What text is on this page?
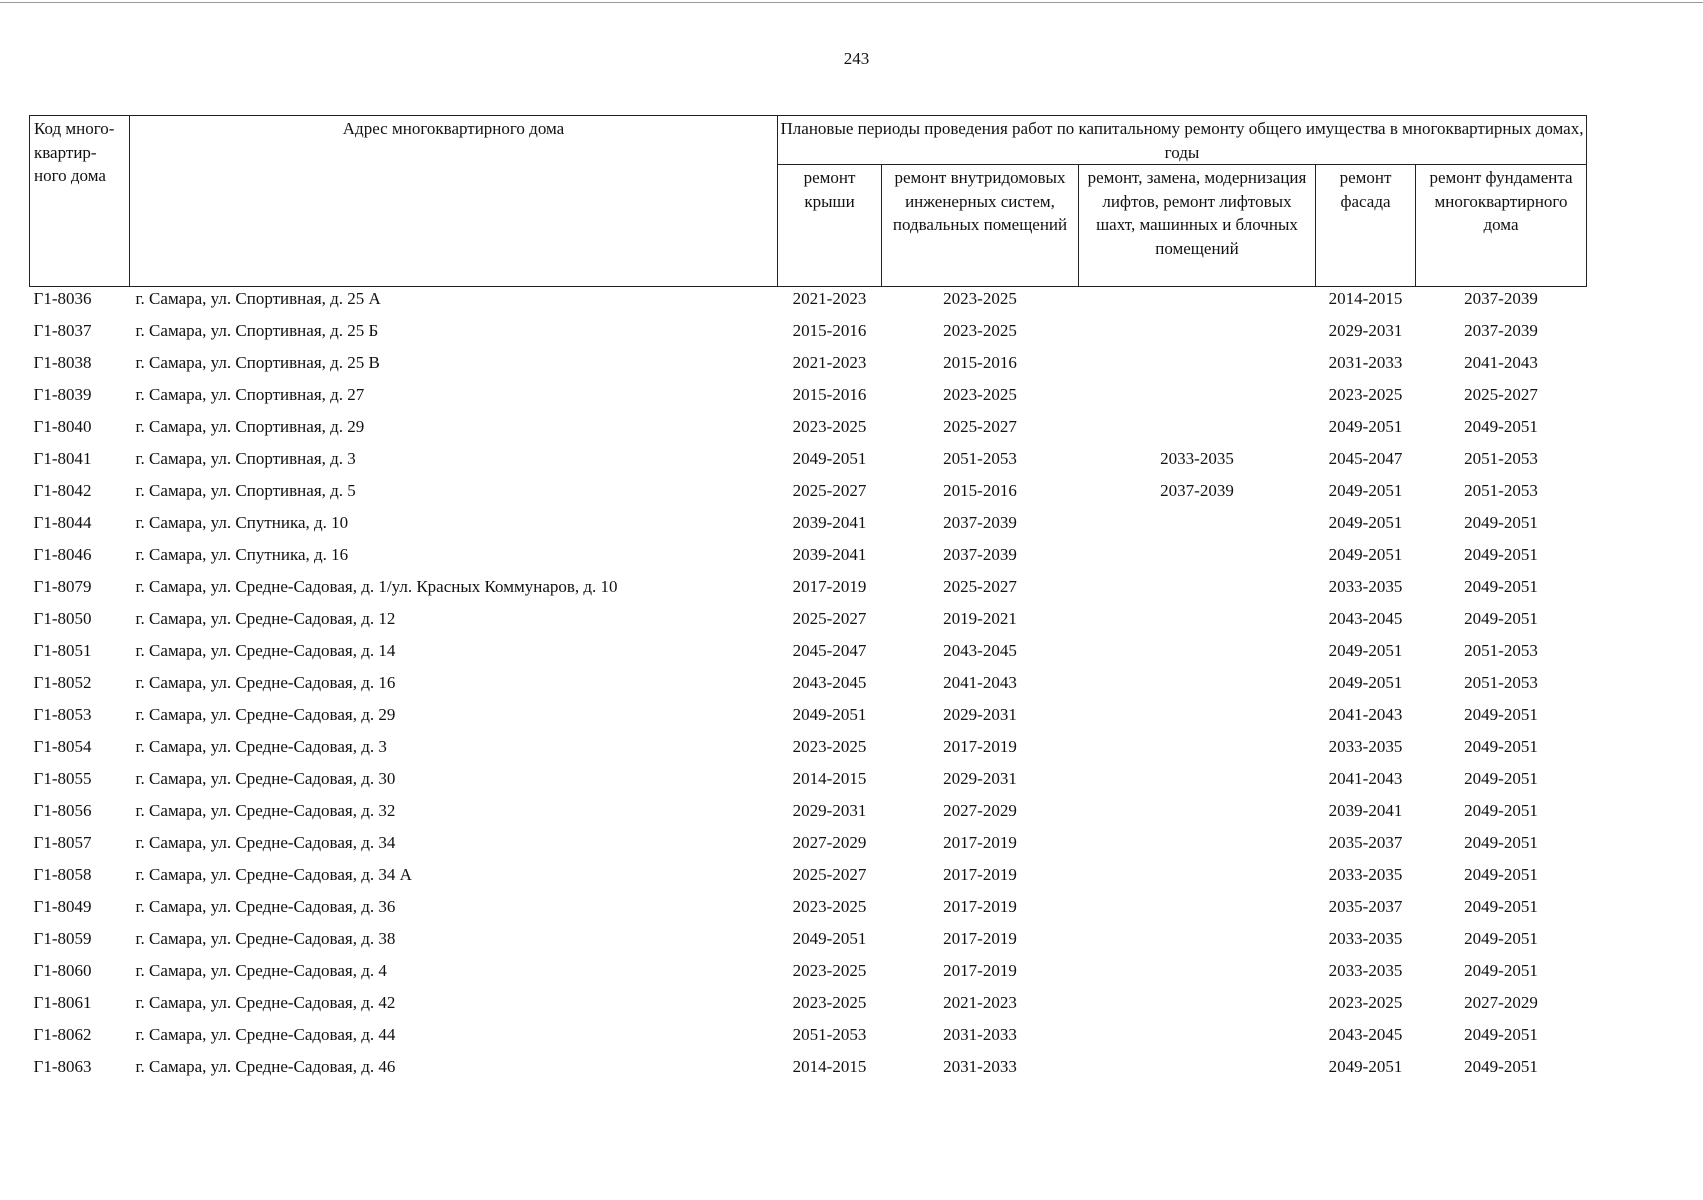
243
Код много-квартир-ного дома	Адрес многоквартирного дома	Плановые периоды проведения работ по капитальному ремонту общего имущества в многоквартирных домах, годы				
		ремонт крыши	ремонт внутридомовых инженерных систем, подвальных помещений	ремонт, замена, модернизация лифтов, ремонт лифтовых шахт, машинных и блочных помещений	ремонт фасада	ремонт фундамента многоквартирного дома
Г1-8036	г. Самара, ул. Спортивная, д. 25 А	2021-2023	2023-2025		2014-2015	2037-2039
Г1-8037	г. Самара, ул. Спортивная, д. 25 Б	2015-2016	2023-2025		2029-2031	2037-2039
Г1-8038	г. Самара, ул. Спортивная, д. 25 В	2021-2023	2015-2016		2031-2033	2041-2043
Г1-8039	г. Самара, ул. Спортивная, д. 27	2015-2016	2023-2025		2023-2025	2025-2027
Г1-8040	г. Самара, ул. Спортивная, д. 29	2023-2025	2025-2027		2049-2051	2049-2051
Г1-8041	г. Самара, ул. Спортивная, д. 3	2049-2051	2051-2053	2033-2035	2045-2047	2051-2053
Г1-8042	г. Самара, ул. Спортивная, д. 5	2025-2027	2015-2016	2037-2039	2049-2051	2051-2053
Г1-8044	г. Самара, ул. Спутника, д. 10	2039-2041	2037-2039		2049-2051	2049-2051
Г1-8046	г. Самара, ул. Спутника, д. 16	2039-2041	2037-2039		2049-2051	2049-2051
Г1-8079	г. Самара, ул. Средне-Садовая, д. 1/ул. Красных Коммунаров, д. 10	2017-2019	2025-2027		2033-2035	2049-2051
Г1-8050	г. Самара, ул. Средне-Садовая, д. 12	2025-2027	2019-2021		2043-2045	2049-2051
Г1-8051	г. Самара, ул. Средне-Садовая, д. 14	2045-2047	2043-2045		2049-2051	2051-2053
Г1-8052	г. Самара, ул. Средне-Садовая, д. 16	2043-2045	2041-2043		2049-2051	2051-2053
Г1-8053	г. Самара, ул. Средне-Садовая, д. 29	2049-2051	2029-2031		2041-2043	2049-2051
Г1-8054	г. Самара, ул. Средне-Садовая, д. 3	2023-2025	2017-2019		2033-2035	2049-2051
Г1-8055	г. Самара, ул. Средне-Садовая, д. 30	2014-2015	2029-2031		2041-2043	2049-2051
Г1-8056	г. Самара, ул. Средне-Садовая, д. 32	2029-2031	2027-2029		2039-2041	2049-2051
Г1-8057	г. Самара, ул. Средне-Садовая, д. 34	2027-2029	2017-2019		2035-2037	2049-2051
Г1-8058	г. Самара, ул. Средне-Садовая, д. 34 А	2025-2027	2017-2019		2033-2035	2049-2051
Г1-8049	г. Самара, ул. Средне-Садовая, д. 36	2023-2025	2017-2019		2035-2037	2049-2051
Г1-8059	г. Самара, ул. Средне-Садовая, д. 38	2049-2051	2017-2019		2033-2035	2049-2051
Г1-8060	г. Самара, ул. Средне-Садовая, д. 4	2023-2025	2017-2019		2033-2035	2049-2051
Г1-8061	г. Самара, ул. Средне-Садовая, д. 42	2023-2025	2021-2023		2023-2025	2027-2029
Г1-8062	г. Самара, ул. Средне-Садовая, д. 44	2051-2053	2031-2033		2043-2045	2049-2051
Г1-8063	г. Самара, ул. Средне-Садовая, д. 46	2014-2015	2031-2033		2049-2051	2049-2051
